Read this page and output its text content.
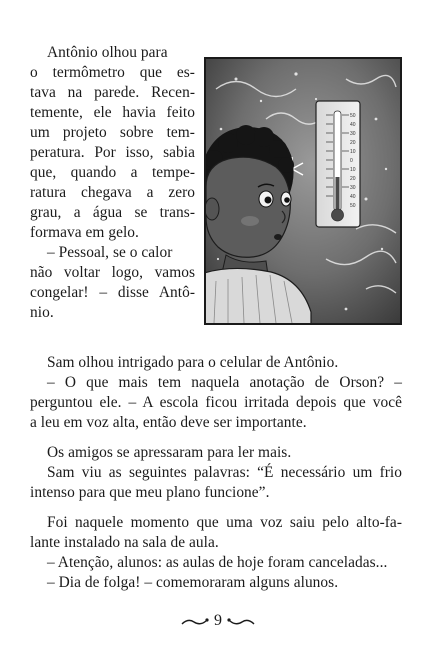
Antônio olhou para
o termômetro que es-
tava na parede. Recen-
temente, ele havia feito
um projeto sobre tem-
peratura. Por isso, sabia
que, quando a tempe-
ratura chegava a zero
grau, a água se trans-
formava em gelo.
– Pessoal, se o calor
não voltar logo, vamos
congelar! – disse Antô-
nio.
50
40
30
20
10
0
10
20
30
40
50
Sam olhou intrigado para o celular de Antônio.
– O que mais tem naquela anotação de Orson? –
perguntou ele. – A escola ficou irritada depois que você
a leu em voz alta, então deve ser importante.
Os amigos se apressaram para ler mais.
Sam viu as seguintes palavras: “É necessário um frio
intenso para que meu plano funcione”.
Foi naquele momento que uma voz saiu pelo alto-fa-
lante instalado na sala de aula.
– Atenção, alunos: as aulas de hoje foram canceladas...
– Dia de folga! – comemoraram alguns alunos.
9
